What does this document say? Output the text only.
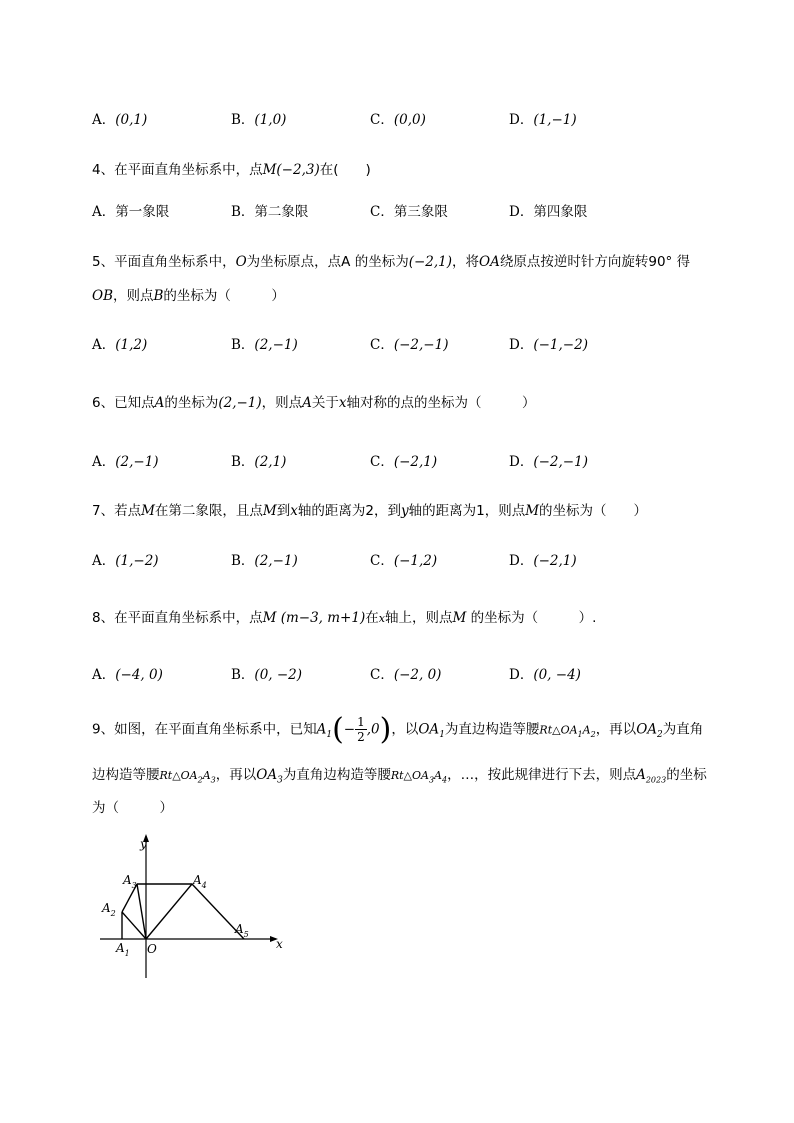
A．(0,1)	B．(1,0)	C．(0,0)	D．(1,−1)
4、在平面直角坐标系中，点M(−2,3)在(　　)
A．第一象限	B．第二象限	C．第三象限	D．第四象限
5、平面直角坐标系中，O为坐标原点，点A 的坐标为(−2,1)，将OA绕原点按逆时针方向旋转90° 得
OB，则点B的坐标为（　　　）
A．(1,2)	B．(2,−1)	C．(−2,−1)	D．(−1,−2)
6、已知点A的坐标为(2,−1)，则点A关于x轴对称的点的坐标为（　　　）
A．(2,−1)	B．(2,1)	C．(−2,1)	D．(−2,−1)
7、若点M在第二象限，且点M到x轴的距离为2，到y轴的距离为1，则点M的坐标为（　　）
A．(1,−2)	B．(2,−1)	C．(−1,2)	D．(−2,1)
8、在平面直角坐标系中，点M (m−3, m+1)在x轴上，则点M 的坐标为（　　　）.
A．(−4, 0)	B．(0, −2)	C．(−2, 0)	D．(0, −4)
9、如图，在平面直角坐标系中，已知$A_1(- \frac{1}{2} ,0)$，以$OA_1$为直边构造等腰$Rt\triangle OA_1A_2$，再以$OA_2$为直角
边构造等腰$Rt\triangle OA_2A_3$，再以$OA_3$为直角边构造等腰$Rt\triangle OA_3A_4$，…，按此规律进行下去，则点$A_{2023}$的坐标
为（　　　）
y
x
O
$A_1$
$A_2$
$A_3$	$A_4$
$A_5$
